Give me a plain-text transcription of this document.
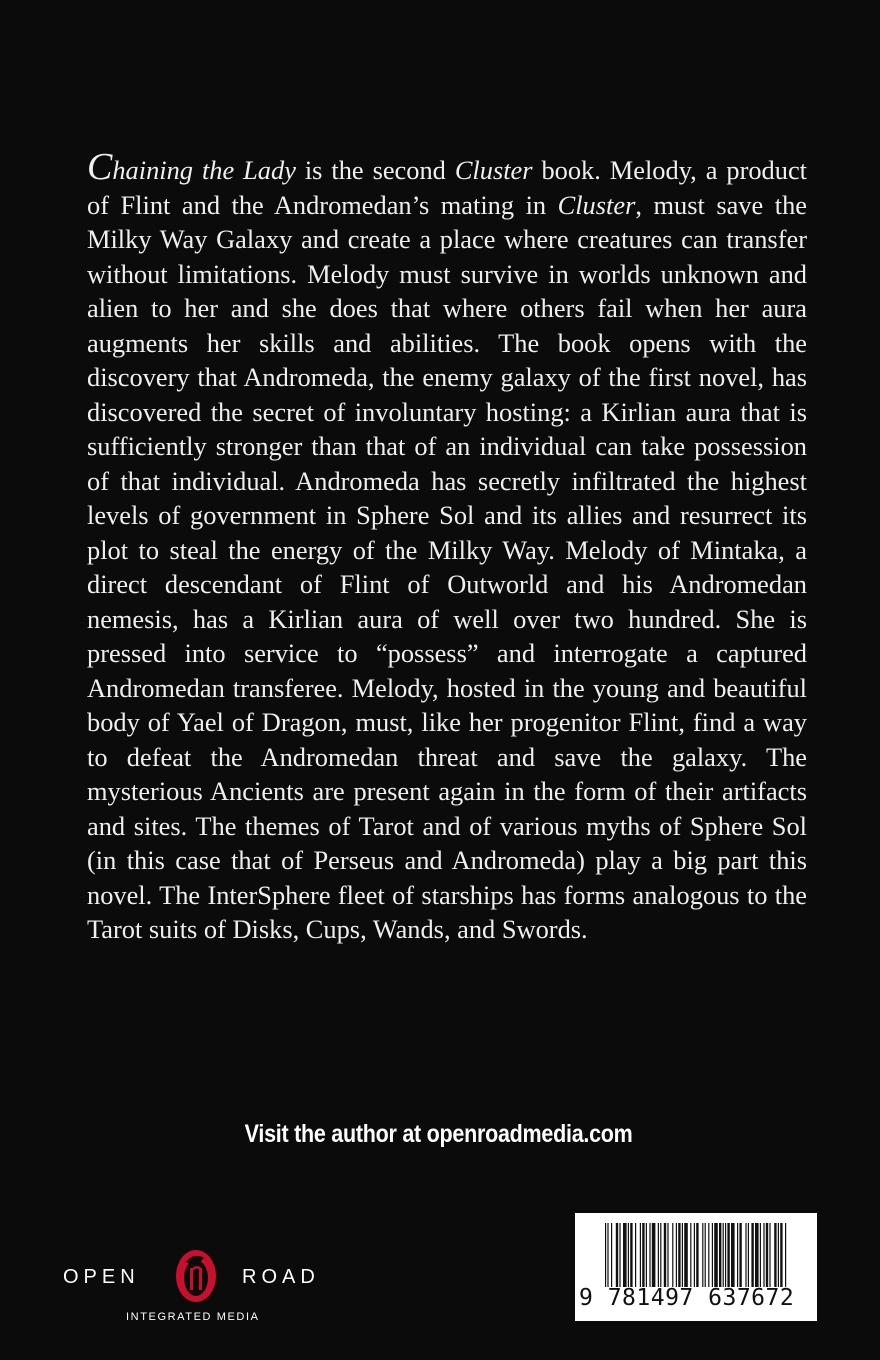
Chaining the Lady is the second Cluster book. Melody, a product of Flint and the Andromedan’s mating in Cluster, must save the Milky Way Galaxy and create a place where creatures can transfer without limitations. Melody must survive in worlds unknown and alien to her and she does that where others fail when her aura augments her skills and abilities. The book opens with the discovery that Andromeda, the enemy galaxy of the first novel, has discovered the secret of involuntary hosting: a Kirlian aura that is sufficiently stronger than that of an individual can take possession of that individual. Andromeda has secretly infiltrated the highest levels of government in Sphere Sol and its allies and resurrect its plot to steal the energy of the Milky Way. Melody of Mintaka, a direct descendant of Flint of Outworld and his Andromedan nemesis, has a Kirlian aura of well over two hundred. She is pressed into service to “possess” and interrogate a captured Andromedan transferee. Melody, hosted in the young and beautiful body of Yael of Dragon, must, like her progenitor Flint, find a way to defeat the Andromedan threat and save the galaxy. The mysterious Ancients are present again in the form of their artifacts and sites. The themes of Tarot and of various myths of Sphere Sol (in this case that of Perseus and Andromeda) play a big part this novel. The InterSphere fleet of starships has forms analogous to the Tarot suits of Disks, Cups, Wands, and Swords.

Visit the author at openroadmedia.com
OPEN	ROAD
INTEGRATED MEDIA
9 781497 637672
